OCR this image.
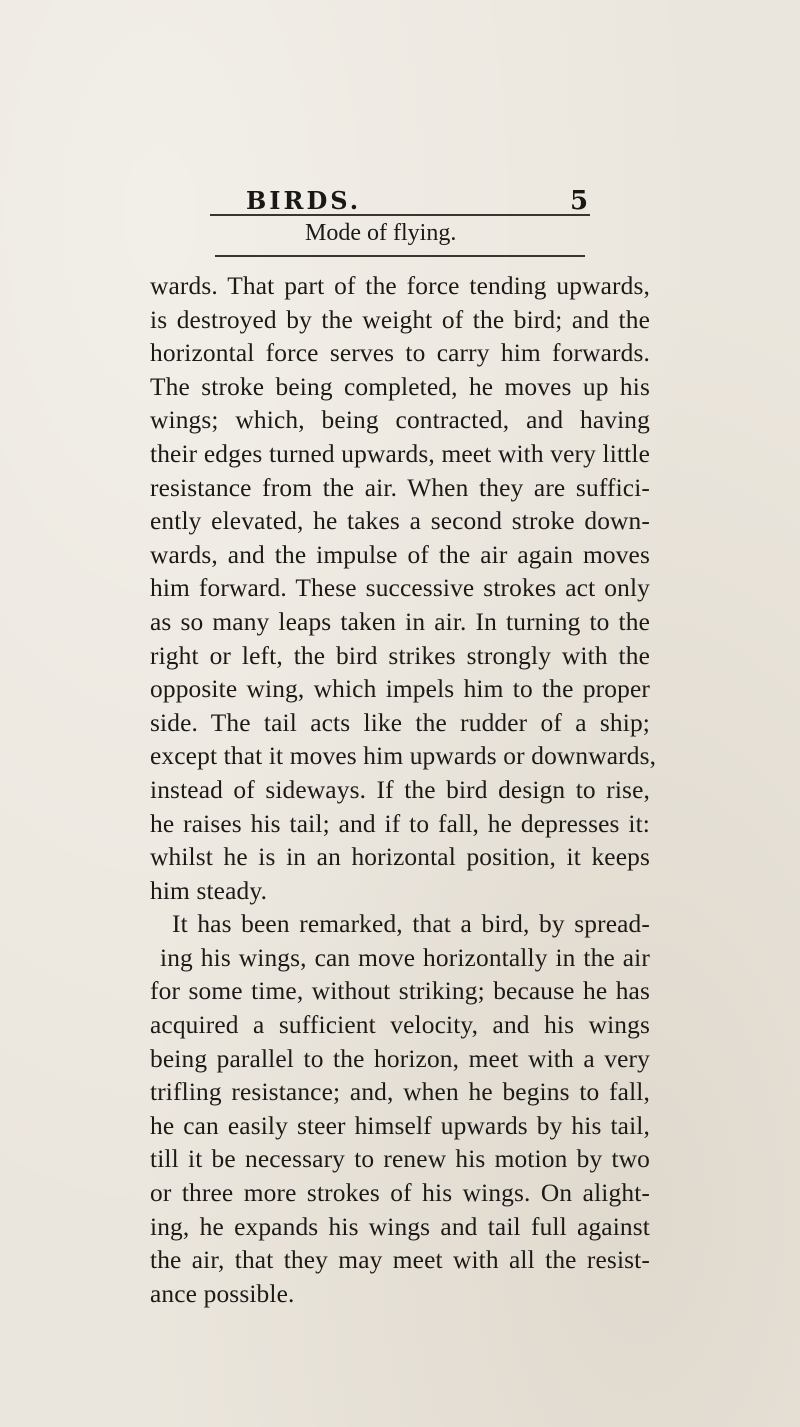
BIRDS.	5
Mode of flying.
wards. That part of the force tending upwards,
is destroyed by the weight of the bird; and the
horizontal force serves to carry him forwards.
The stroke being completed, he moves up his
wings; which, being contracted, and having
their edges turned upwards, meet with very little
resistance from the air. When they are suffici-
ently elevated, he takes a second stroke down-
wards, and the impulse of the air again moves
him forward. These successive strokes act only
as so many leaps taken in air. In turning to the
right or left, the bird strikes strongly with the
opposite wing, which impels him to the proper
side. The tail acts like the rudder of a ship;
except that it moves him upwards or downwards,
instead of sideways. If the bird design to rise,
he raises his tail; and if to fall, he depresses it:
whilst he is in an horizontal position, it keeps
him steady.
It has been remarked, that a bird, by spread-
ing his wings, can move horizontally in the air
for some time, without striking; because he has
acquired a sufficient velocity, and his wings
being parallel to the horizon, meet with a very
trifling resistance; and, when he begins to fall,
he can easily steer himself upwards by his tail,
till it be necessary to renew his motion by two
or three more strokes of his wings. On alight-
ing, he expands his wings and tail full against
the air, that they may meet with all the resist-
ance possible.
